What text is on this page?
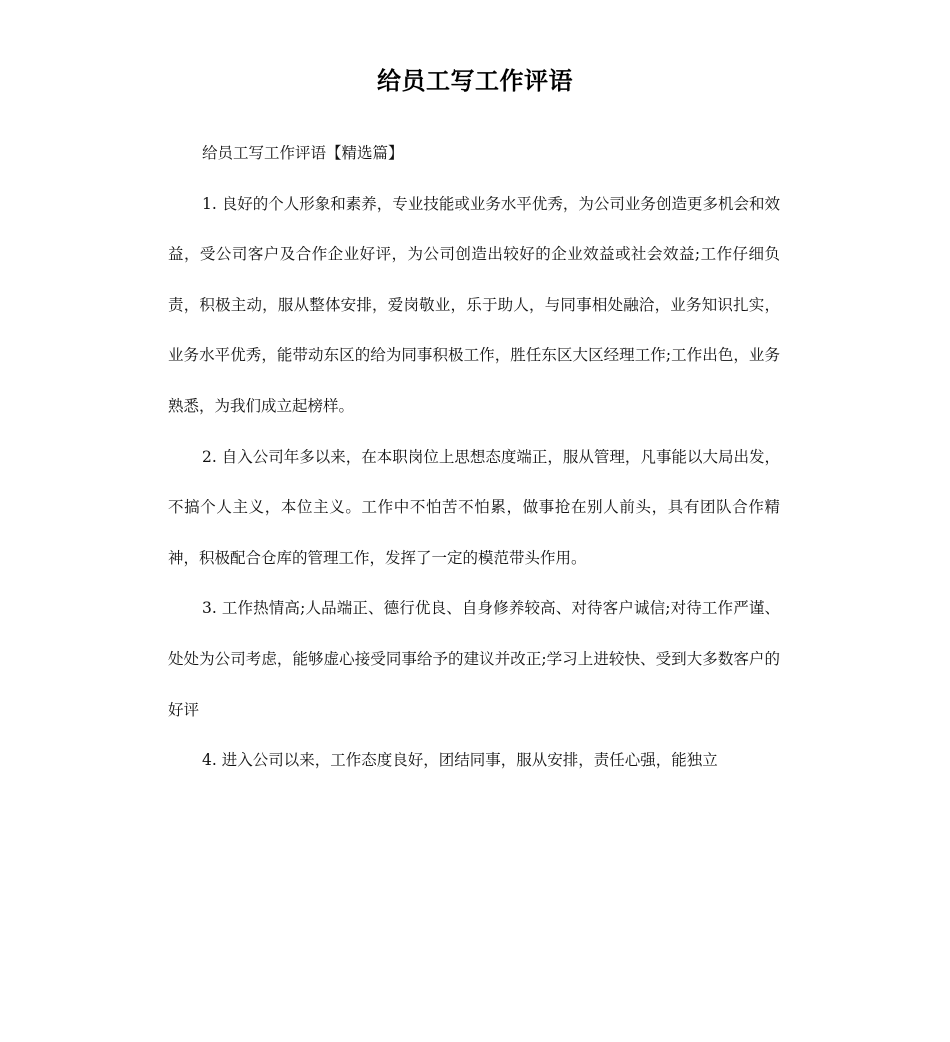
给员工写工作评语

给员工写工作评语【精选篇】

1. 良好的个人形象和素养，专业技能或业务水平优秀，为公司业务创造更多机会和效益，受公司客户及合作企业好评，为公司创造出较好的企业效益或社会效益;工作仔细负责，积极主动，服从整体安排，爱岗敬业，乐于助人，与同事相处融洽，业务知识扎实，业务水平优秀，能带动东区的给为同事积极工作，胜任东区大区经理工作;工作出色，业务熟悉，为我们成立起榜样。

2. 自入公司年多以来，在本职岗位上思想态度端正，服从管理，凡事能以大局出发，不搞个人主义，本位主义。工作中不怕苦不怕累，做事抢在别人前头，具有团队合作精神，积极配合仓库的管理工作，发挥了一定的模范带头作用。

3. 工作热情高;人品端正、德行优良、自身修养较高、对待客户诚信;对待工作严谨、处处为公司考虑，能够虚心接受同事给予的建议并改正;学习上进较快、受到大多数客户的好评

4. 进入公司以来，工作态度良好，团结同事，服从安排，责任心强，能独立
